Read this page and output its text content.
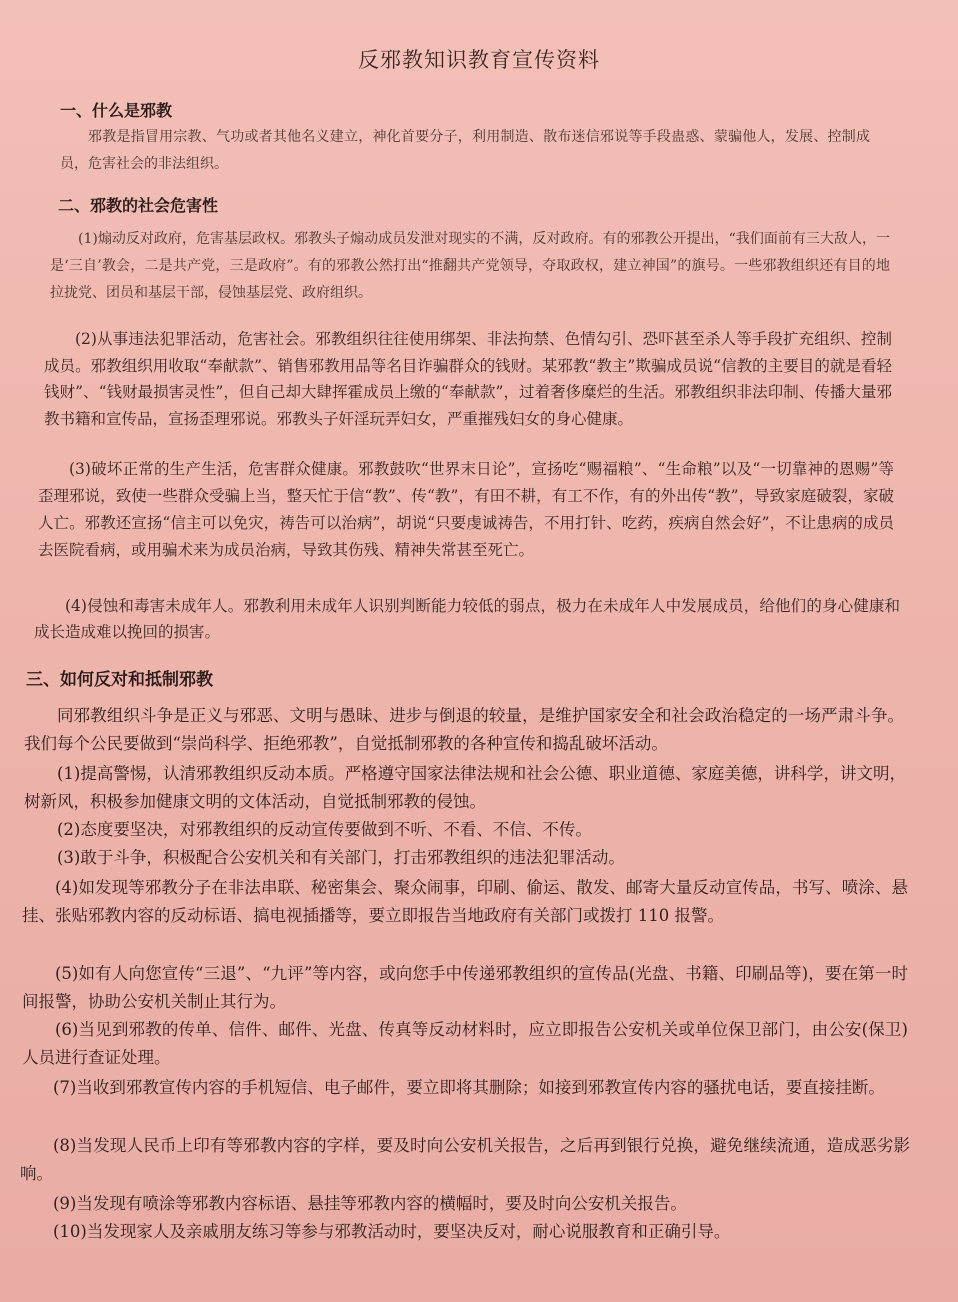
反邪教知识教育宣传资料
一、什么是邪教

邪教是指冒用宗教、气功或者其他名义建立，神化首要分子，利用制造、散布迷信邪说等手段蛊惑、蒙骗他人，发展、控制成员，危害社会的非法组织。

二、邪教的社会危害性

(1)煽动反对政府，危害基层政权。邪教头子煽动成员发泄对现实的不满，反对政府。有的邪教公开提出，“我们面前有三大敌人，一是‘三自’教会，二是共产党，三是政府”。有的邪教公然打出“推翻共产党领导，夺取政权，建立神国”的旗号。一些邪教组织还有目的地拉拢党、团员和基层干部，侵蚀基层党、政府组织。

(2)从事违法犯罪活动，危害社会。邪教组织往往使用绑架、非法拘禁、色情勾引、恐吓甚至杀人等手段扩充组织、控制成员。邪教组织用收取“奉献款”、销售邪教用品等名目诈骗群众的钱财。某邪教“教主”欺骗成员说“信教的主要目的就是看轻钱财”、“钱财最损害灵性”，但自己却大肆挥霍成员上缴的“奉献款”，过着奢侈糜烂的生活。邪教组织非法印制、传播大量邪教书籍和宣传品，宣扬歪理邪说。邪教头子奸淫玩弄妇女，严重摧残妇女的身心健康。

(3)破坏正常的生产生活，危害群众健康。邪教鼓吹“世界末日论”，宣扬吃“赐福粮”、“生命粮”以及“一切靠神的恩赐”等歪理邪说，致使一些群众受骗上当，整天忙于信“教”、传“教”，有田不耕，有工不作，有的外出传“教”，导致家庭破裂，家破人亡。邪教还宣扬“信主可以免灾，祷告可以治病”，胡说“只要虔诚祷告，不用打针、吃药，疾病自然会好”，不让患病的成员去医院看病，或用骗术来为成员治病，导致其伤残、精神失常甚至死亡。

(4)侵蚀和毒害未成年人。邪教利用未成年人识别判断能力较低的弱点，极力在未成年人中发展成员，给他们的身心健康和成长造成难以挽回的损害。

三、如何反对和抵制邪教

同邪教组织斗争是正义与邪恶、文明与愚昧、进步与倒退的较量，是维护国家安全和社会政治稳定的一场严肃斗争。我们每个公民要做到“崇尚科学、拒绝邪教”，自觉抵制邪教的各种宣传和捣乱破坏活动。

(1)提高警惕，认清邪教组织反动本质。严格遵守国家法律法规和社会公德、职业道德、家庭美德，讲科学，讲文明，树新风，积极参加健康文明的文体活动，自觉抵制邪教的侵蚀。

(2)态度要坚决，对邪教组织的反动宣传要做到不听、不看、不信、不传。

(3)敢于斗争，积极配合公安机关和有关部门，打击邪教组织的违法犯罪活动。

(4)如发现等邪教分子在非法串联、秘密集会、聚众闹事，印刷、偷运、散发、邮寄大量反动宣传品，书写、喷涂、悬挂、张贴邪教内容的反动标语、搞电视插播等，要立即报告当地政府有关部门或拨打 110 报警。

(5)如有人向您宣传“三退”、“九评”等内容，或向您手中传递邪教组织的宣传品(光盘、书籍、印刷品等)，要在第一时间报警，协助公安机关制止其行为。

(6)当见到邪教的传单、信件、邮件、光盘、传真等反动材料时，应立即报告公安机关或单位保卫部门，由公安(保卫)人员进行查证处理。

(7)当收到邪教宣传内容的手机短信、电子邮件，要立即将其删除；如接到邪教宣传内容的骚扰电话，要直接挂断。

(8)当发现人民币上印有等邪教内容的字样，要及时向公安机关报告，之后再到银行兑换，避免继续流通，造成恶劣影响。

(9)当发现有喷涂等邪教内容标语、悬挂等邪教内容的横幅时，要及时向公安机关报告。

(10)当发现家人及亲戚朋友练习等参与邪教活动时，要坚决反对，耐心说服教育和正确引导。
